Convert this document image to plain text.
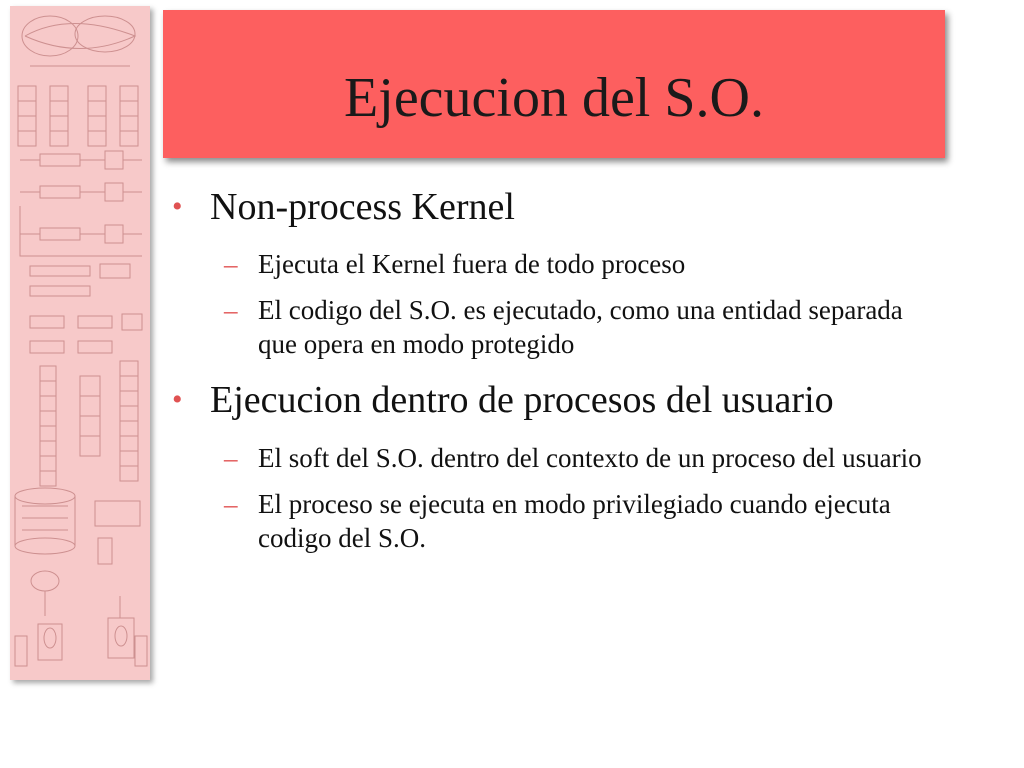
Ejecucion del S.O.
• Non-process Kernel
– Ejecuta el Kernel fuera de todo proceso
– El codigo del S.O. es ejecutado, como una entidad separada que opera en modo protegido
• Ejecucion dentro de procesos del usuario
– El soft del S.O. dentro del contexto de un proceso del usuario
– El proceso se ejecuta en modo privilegiado cuando ejecuta codigo del S.O.
